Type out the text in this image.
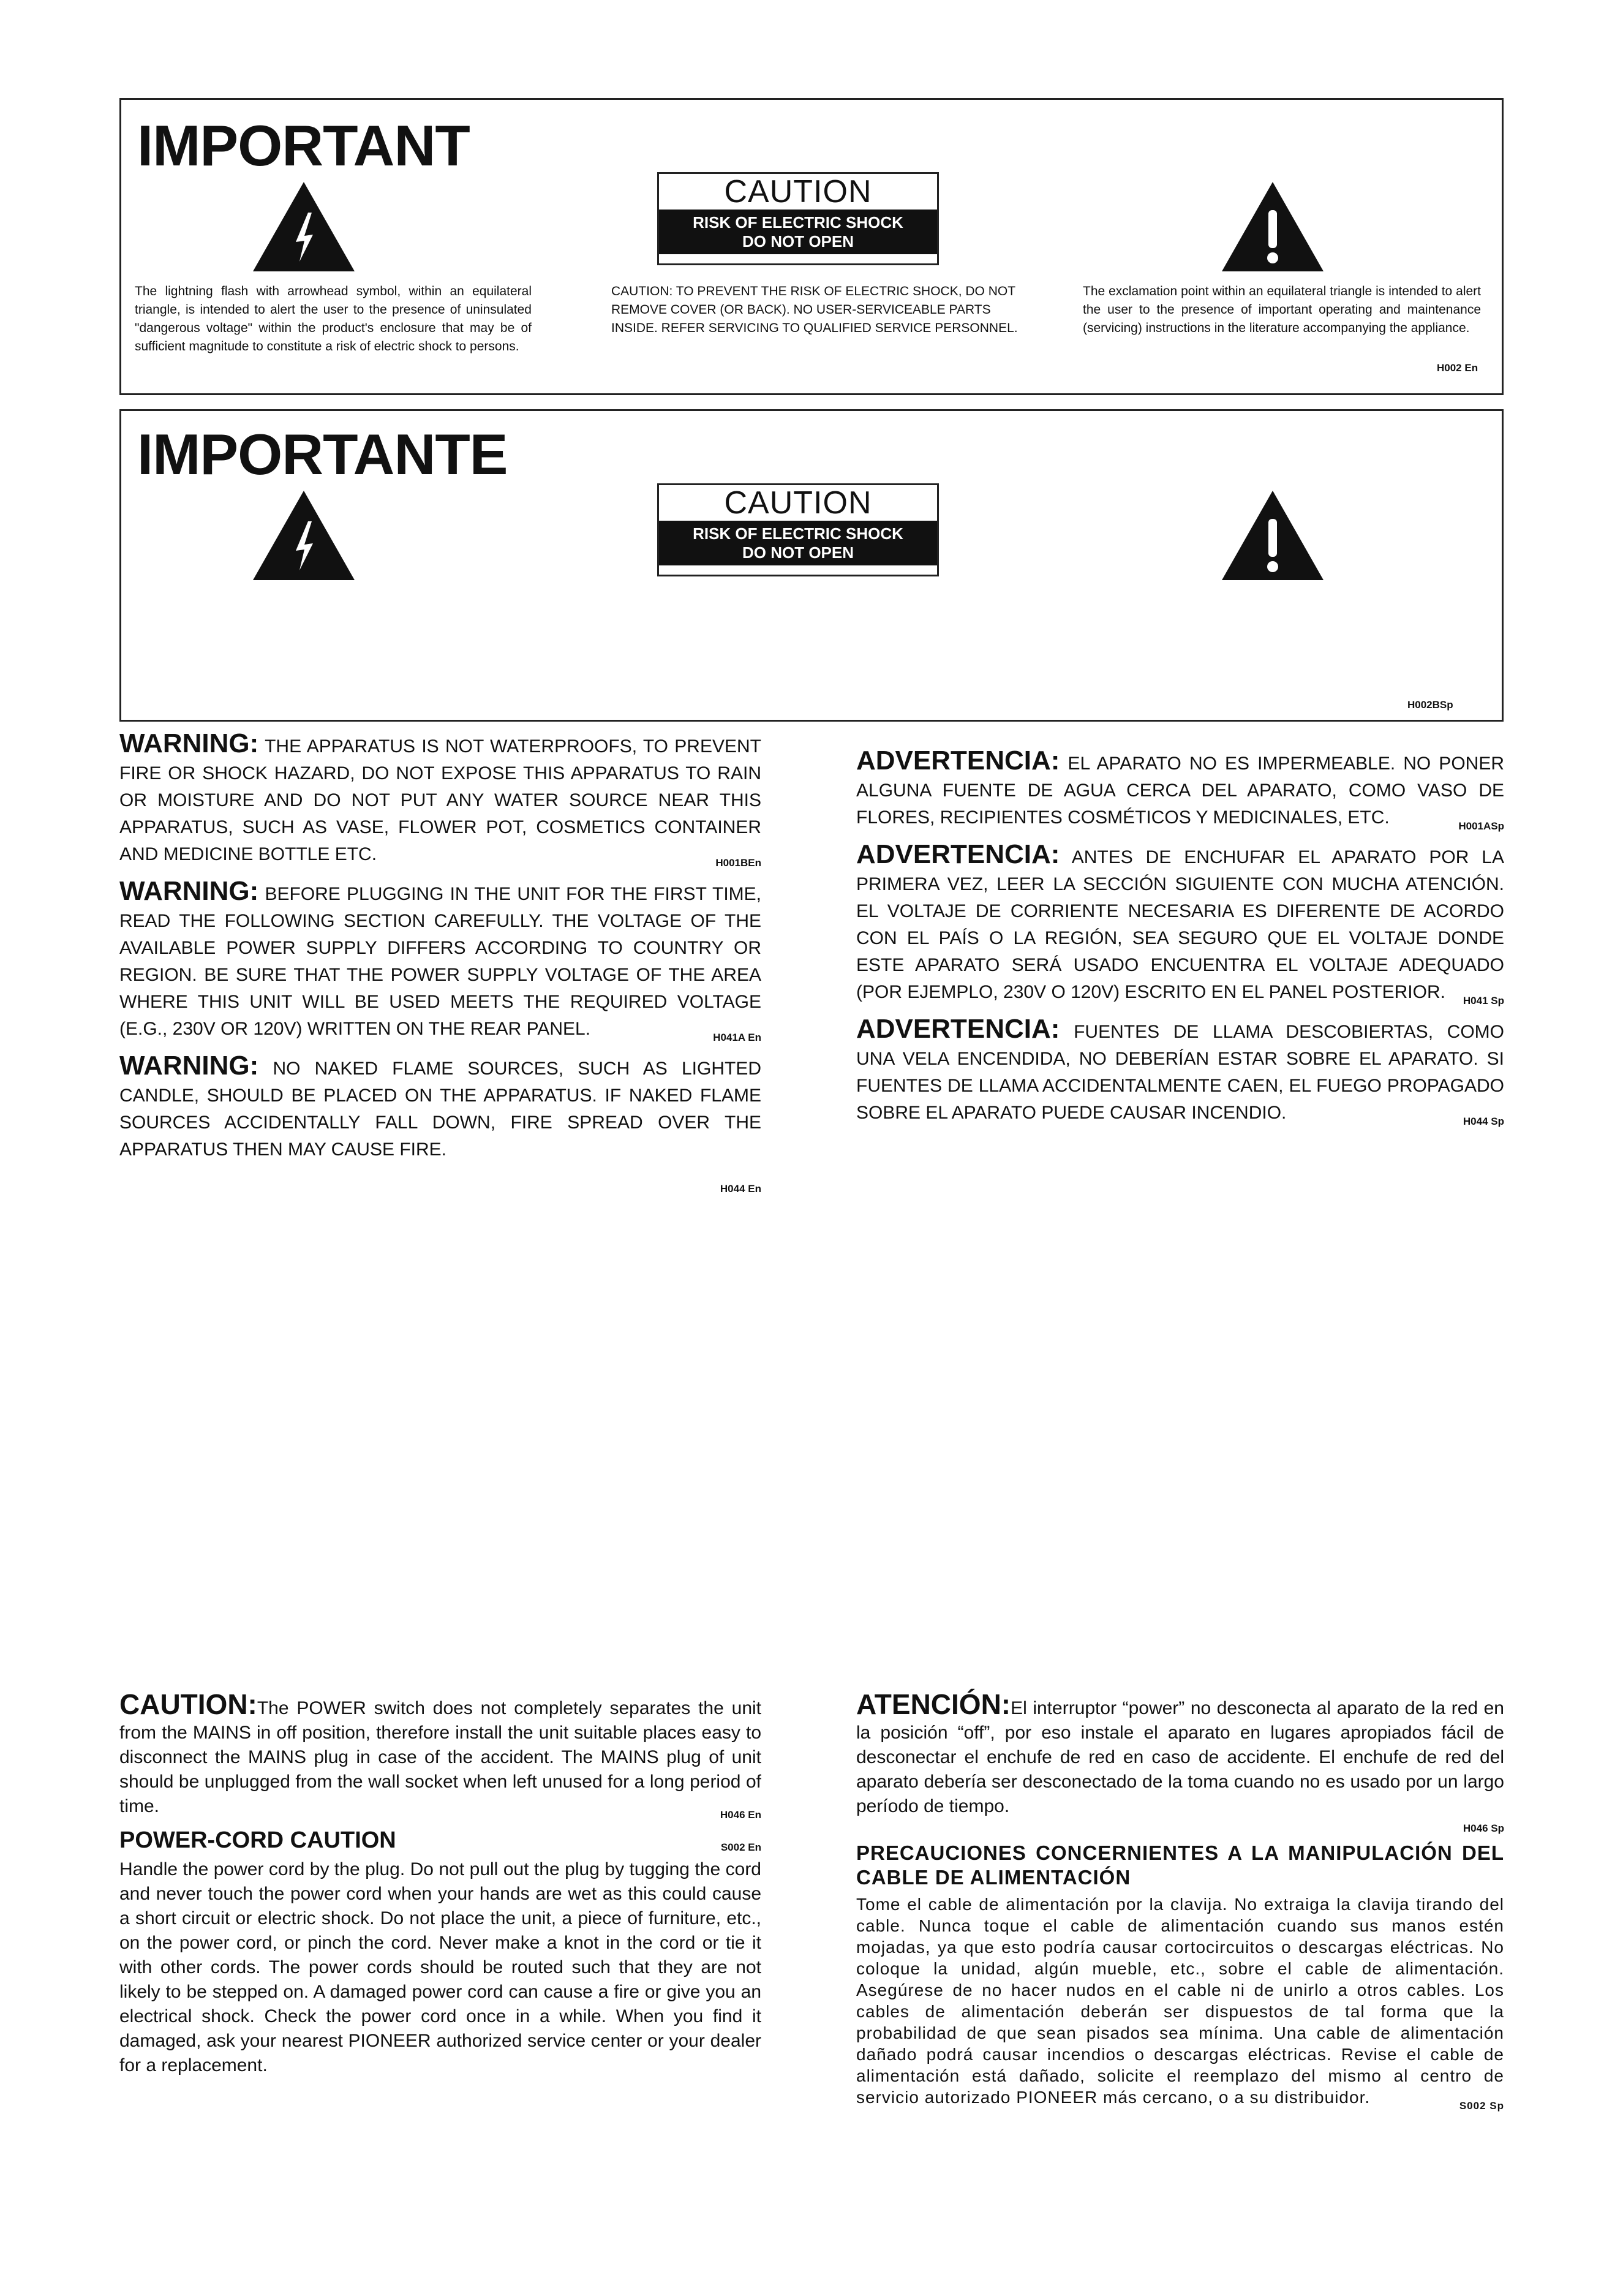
IMPORTANT
CAUTION
RISK OF ELECTRIC SHOCK
DO NOT OPEN
The lightning flash with arrowhead symbol, within an equilateral triangle, is intended to alert the user to the presence of uninsulated "dangerous voltage" within the product's enclosure that may be of sufficient magnitude to constitute a risk of electric shock to persons.
CAUTION: TO PREVENT THE RISK OF ELECTRIC SHOCK, DO NOT REMOVE COVER (OR BACK). NO USER-SERVICEABLE PARTS INSIDE. REFER SERVICING TO QUALIFIED SERVICE PERSONNEL.
The exclamation point within an equilateral triangle is intended to alert the user to the presence of important operating and maintenance (servicing) instructions in the literature accompanying the appliance.
H002 En
IMPORTANTE
CAUTION
RISK OF ELECTRIC SHOCK
DO NOT OPEN
H002BSp

WARNING: THE APPARATUS IS NOT WATERPROOFS, TO PREVENT FIRE OR SHOCK HAZARD, DO NOT EXPOSE THIS APPARATUS TO RAIN OR MOISTURE AND DO NOT PUT ANY WATER SOURCE NEAR THIS APPARATUS, SUCH AS VASE, FLOWER POT, COSMETICS CONTAINER AND MEDICINE BOTTLE ETC.	H001BEn

WARNING: BEFORE PLUGGING IN THE UNIT FOR THE FIRST TIME, READ THE FOLLOWING SECTION CAREFULLY. THE VOLTAGE OF THE AVAILABLE POWER SUPPLY DIFFERS ACCORDING TO COUNTRY OR REGION. BE SURE THAT THE POWER SUPPLY VOLTAGE OF THE AREA WHERE THIS UNIT WILL BE USED MEETS THE REQUIRED VOLTAGE (E.G., 230V OR 120V) WRITTEN ON THE REAR PANEL.	H041A En

WARNING: NO NAKED FLAME SOURCES, SUCH AS LIGHTED CANDLE, SHOULD BE PLACED ON THE APPARATUS. IF NAKED FLAME SOURCES ACCIDENTALLY FALL DOWN, FIRE SPREAD OVER THE APPARATUS THEN MAY CAUSE FIRE.

H044 En

ADVERTENCIA: EL APARATO NO ES IMPERMEABLE. NO PONER ALGUNA FUENTE DE AGUA CERCA DEL APARATO, COMO VASO DE FLORES, RECIPIENTES COSMÉTICOS Y MEDICINALES, ETC.	H001ASp

ADVERTENCIA: ANTES DE ENCHUFAR EL APARATO POR LA PRIMERA VEZ, LEER LA SECCIÓN SIGUIENTE CON MUCHA ATENCIÓN. EL VOLTAJE DE CORRIENTE NECESARIA ES DIFERENTE DE ACORDO CON EL PAÍS O LA REGIÓN, SEA SEGURO QUE EL VOLTAJE DONDE ESTE APARATO SERÁ USADO ENCUENTRA EL VOLTAJE ADEQUADO (POR EJEMPLO, 230V O 120V) ESCRITO EN EL PANEL POSTERIOR. H041 Sp

ADVERTENCIA: FUENTES DE LLAMA DESCOBIERTAS, COMO UNA VELA ENCENDIDA, NO DEBERÍAN ESTAR SOBRE EL APARATO. SI FUENTES DE LLAMA ACCIDENTALMENTE CAEN, EL FUEGO PROPAGADO SOBRE EL APARATO PUEDE CAUSAR INCENDIO.	H044 Sp

CAUTION:The POWER switch does not completely separates the unit from the MAINS in off position, therefore install the unit suitable places easy to disconnect the MAINS plug in case of the accident. The MAINS plug of unit should be unplugged from the wall socket when left unused for a long period of time.	H046 En

POWER-CORD CAUTION	S002 En

Handle the power cord by the plug. Do not pull out the plug by tugging the cord and never touch the power cord when your hands are wet as this could cause a short circuit or electric shock. Do not place the unit, a piece of furniture, etc., on the power cord, or pinch the cord. Never make a knot in the cord or tie it with other cords. The power cords should be routed such that they are not likely to be stepped on. A damaged power cord can cause a fire or give you an electrical shock. Check the power cord once in a while. When you find it damaged, ask your nearest PIONEER authorized service center or your dealer for a replacement.

ATENCIÓN:El interruptor “power” no desconecta al aparato de la red en la posición “off”, por eso instale el aparato en lugares apropiados fácil de desconectar el enchufe de red en caso de accidente. El enchufe de red del aparato debería ser desconectado de la toma cuando no es usado por un largo período de tiempo.

H046 Sp

PRECAUCIONES CONCERNIENTES A LA MANIPULACIÓN DEL CABLE DE ALIMENTACIÓN

Tome el cable de alimentación por la clavija. No extraiga la clavija tirando del cable. Nunca toque el cable de alimentación cuando sus manos estén mojadas, ya que esto podría causar cortocircuitos o descargas eléctricas. No coloque la unidad, algún mueble, etc., sobre el cable de alimentación. Asegúrese de no hacer nudos en el cable ni de unirlo a otros cables. Los cables de alimentación deberán ser dispuestos de tal forma que la probabilidad de que sean pisados sea mínima. Una cable de alimentación dañado podrá causar incendios o descargas eléctricas. Revise el cable de alimentación está dañado, solicite el reemplazo del mismo al centro de servicio autorizado PIONEER más cercano, o a su distribuidor.	S002 Sp
